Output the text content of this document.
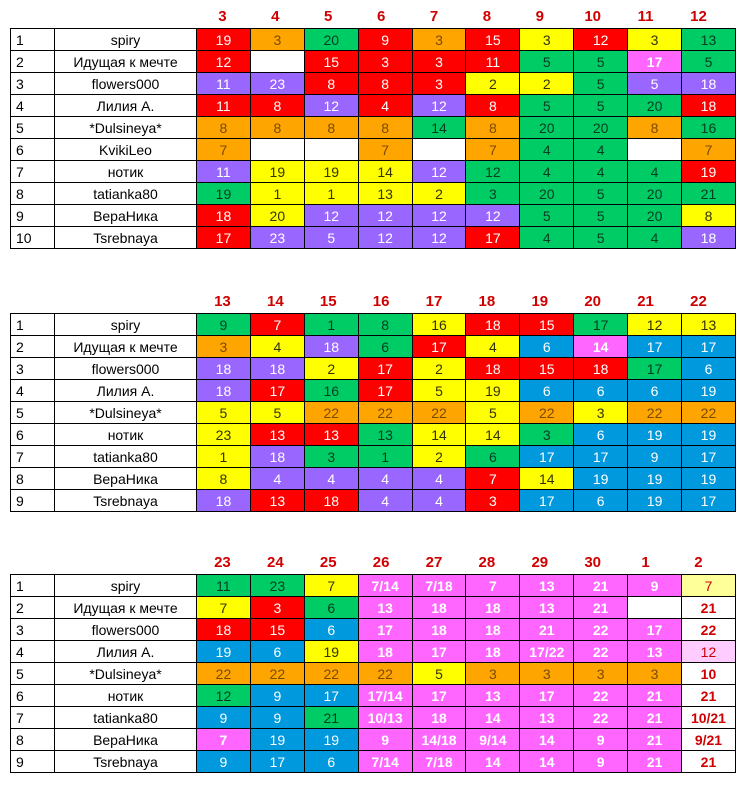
3	4	5	6	7	8	9	10	11	12
1	spiry	19	3	20	9	3	15	3	12	3	13
2	Идущая к мечте	12		15	3	3	11	5	5	17	5
3	flowers000	11	23	8	8	3	2	2	5	5	18
4	Лилия А.	11	8	12	4	12	8	5	5	20	18
5	*Dulsineya*	8	8	8	8	14	8	20	20	8	16
6	KvikiLeo	7			7		7	4	4		7
7	нотик	11	19	19	14	12	12	4	4	4	19
8	tatianka80	19	1	1	13	2	3	20	5	20	21
9	ВераНика	18	20	12	12	12	12	5	5	20	8
10	Tsrebnaya	17	23	5	12	12	17	4	5	4	18
13	14	15	16	17	18	19	20	21	22
1	spiry	9	7	1	8	16	18	15	17	12	13
2	Идущая к мечте	3	4	18	6	17	4	6	14	17	17
3	flowers000	18	18	2	17	2	18	15	18	17	6
4	Лилия А.	18	17	16	17	5	19	6	6	6	19
5	*Dulsineya*	5	5	22	22	22	5	22	3	22	22
6	нотик	23	13	13	13	14	14	3	6	19	19
7	tatianka80	1	18	3	1	2	6	17	17	9	17
8	ВераНика	8	4	4	4	4	7	14	19	19	19
9	Tsrebnaya	18	13	18	4	4	3	17	6	19	17
23	24	25	26	27	28	29	30	1	2
1	spiry	11	23	7	7/14	7/18	7	13	21	9	7
2	Идущая к мечте	7	3	6	13	18	18	13	21		21
3	flowers000	18	15	6	17	18	18	21	22	17	22
4	Лилия А.	19	6	19	18	17	18	17/22	22	13	12
5	*Dulsineya*	22	22	22	22	5	3	3	3	3	10
6	нотик	12	9	17	17/14	17	13	17	22	21	21
7	tatianka80	9	9	21	10/13	18	14	13	22	21	10/21
8	ВераНика	7	19	19	9	14/18	9/14	14	9	21	9/21
9	Tsrebnaya	9	17	6	7/14	7/18	14	14	9	21	21
